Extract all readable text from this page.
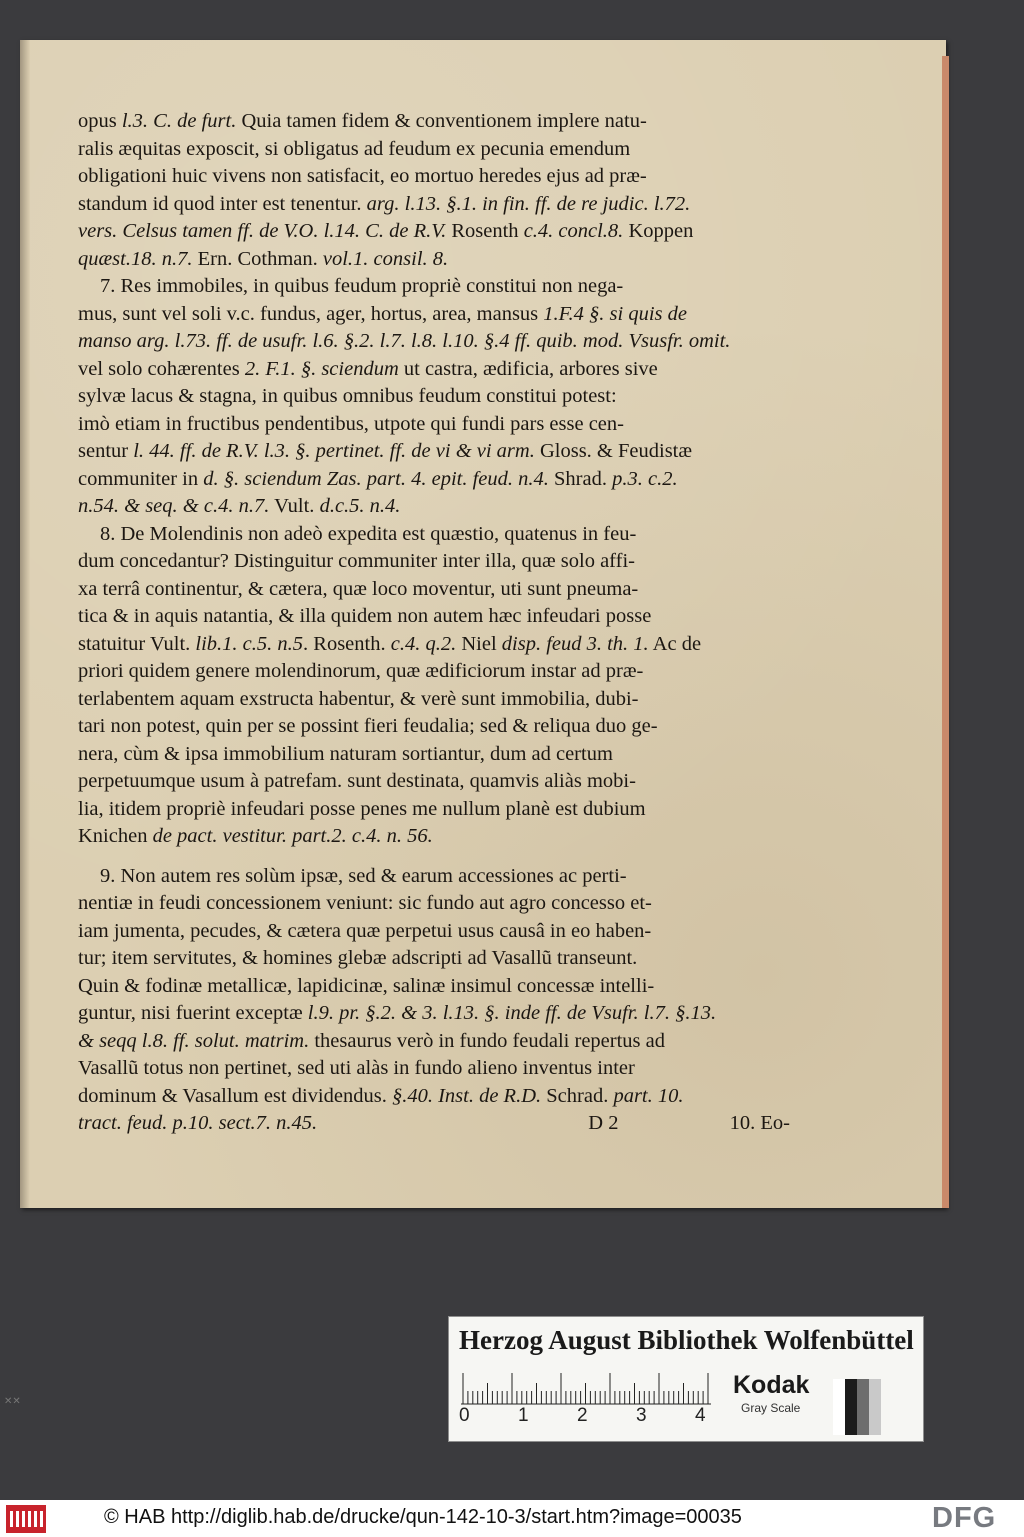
opus l.3. C. de furt. Quia tamen fidem & conventionem implere natu-
ralis æquitas exposcit, si obligatus ad feudum ex pecunia emendum
obligationi huic vivens non satisfacit, eo mortuo heredes ejus ad præ-
standum id quod inter est tenentur. arg. l.13. §.1. in fin. ff. de re judic. l.72.
vers. Celsus tamen ff. de V.O. l.14. C. de R.V. Rosenth c.4. concl.8. Koppen
quæst.18. n.7. Ern. Cothman. vol.1. consil. 8.
7. Res immobiles, in quibus feudum propriè constitui non nega-
mus, sunt vel soli v.c. fundus, ager, hortus, area, mansus 1.F.4 §. si quis de
manso arg. l.73. ff. de usufr. l.6. §.2. l.7. l.8. l.10. §.4 ff. quib. mod. Vsusfr. omit.
vel solo cohærentes 2. F.1. §. sciendum ut castra, ædificia, arbores sive
sylvæ lacus & stagna, in quibus omnibus feudum constitui potest:
imò etiam in fructibus pendentibus, utpote qui fundi pars esse cen-
sentur l. 44. ff. de R.V. l.3. §. pertinet. ff. de vi & vi arm. Gloss. & Feudistæ
communiter in d. §. sciendum Zas. part. 4. epit. feud. n.4. Shrad. p.3. c.2.
n.54. & seq. & c.4. n.7. Vult. d.c.5. n.4.
8. De Molendinis non adeò expedita est quæstio, quatenus in feu-
dum concedantur? Distinguitur communiter inter illa, quæ solo affi-
xa terrâ continentur, & cætera, quæ loco moventur, uti sunt pneuma-
tica & in aquis natantia, & illa quidem non autem hæc infeudari posse
statuitur Vult. lib.1. c.5. n.5. Rosenth. c.4. q.2. Niel disp. feud 3. th. 1. Ac de
priori quidem genere molendinorum, quæ ædificiorum instar ad præ-
terlabentem aquam exstructa habentur, & verè sunt immobilia, dubi-
tari non potest, quin per se possint fieri feudalia; sed & reliqua duo ge-
nera, cùm & ipsa immobilium naturam sortiantur, dum ad certum
perpetuumque usum à patrefam. sunt destinata, quamvis aliàs mobi-
lia, itidem propriè infeudari posse penes me nullum planè est dubium
Knichen de pact. vestitur. part.2. c.4. n. 56.
9. Non autem res solùm ipsæ, sed & earum accessiones ac perti-
nentiæ in feudi concessionem veniunt: sic fundo aut agro concesso et-
iam jumenta, pecudes, & cætera quæ perpetui usus causâ in eo haben-
tur; item servitutes, & homines glebæ adscripti ad Vasallũ transeunt.
Quin & fodinæ metallicæ, lapidicinæ, salinæ insimul concessæ intelli-
guntur, nisi fuerint exceptæ l.9. pr. §.2. & 3. l.13. §. inde ff. de Vsufr. l.7. §.13.
& seqq l.8. ff. solut. matrim. thesaurus verò in fundo feudali repertus ad
Vasallũ totus non pertinet, sed uti alàs in fundo alieno inventus inter
dominum & Vasallum est dividendus. §.40. Inst. de R.D. Schrad. part. 10.
tract. feud. p.10. sect.7. n.45.	D 2	10. Eo-
✕✕
Herzog August Bibliothek Wolfenbüttel
0	1	2	3	4
Kodak
Gray Scale
© HAB http://diglib.hab.de/drucke/qun-142-10-3/start.htm?image=00035	DFG
